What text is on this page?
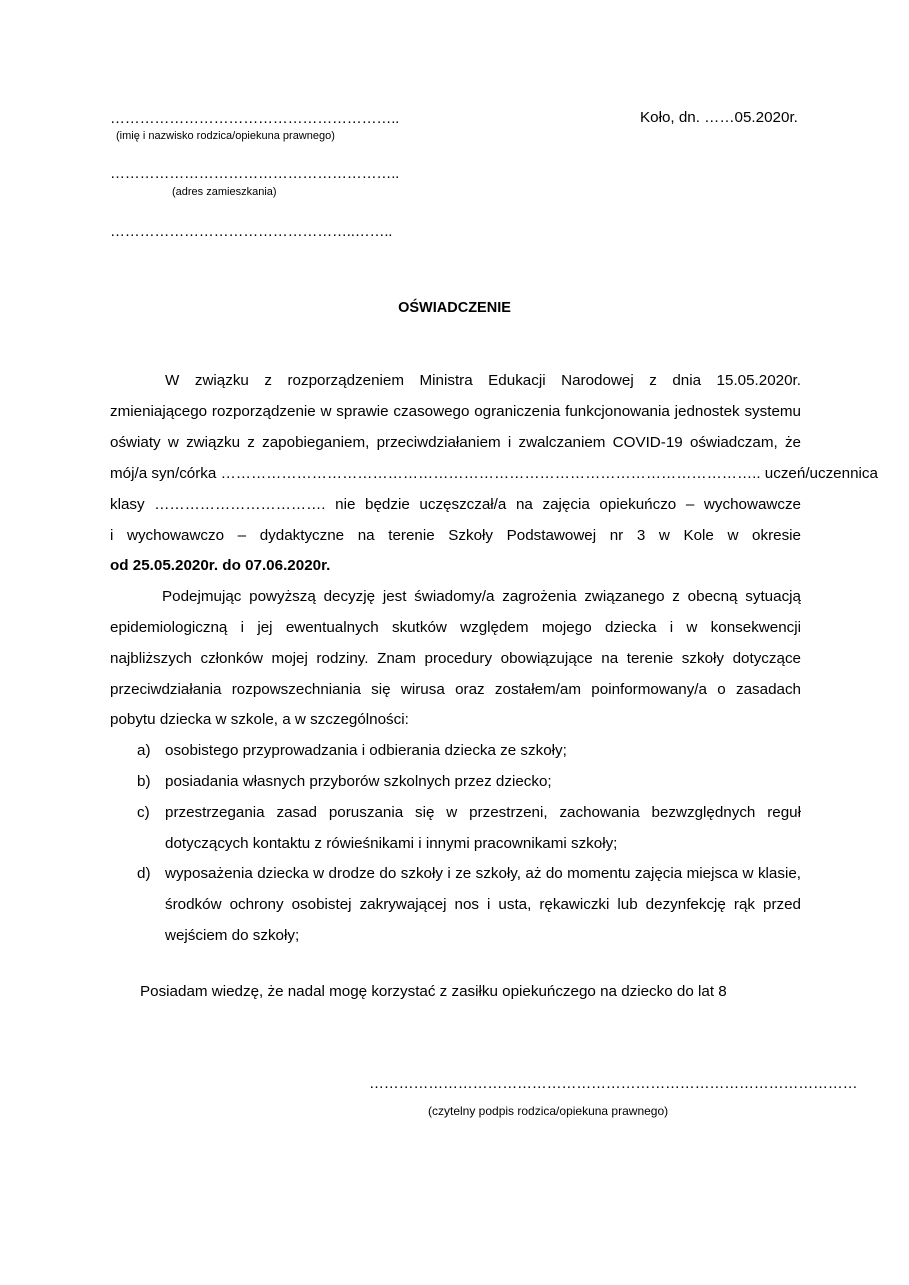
…………………………………………………..
(imię i nazwisko rodzica/opiekuna prawnego)
…………………………………………………..
(adres zamieszkania)
…………………………………………..……..
Koło, dn. ……05.2020r.
OŚWIADCZENIE
W związku z rozporządzeniem Ministra Edukacji Narodowej z dnia 15.05.2020r.
zmieniającego rozporządzenie w sprawie czasowego ograniczenia funkcjonowania jednostek systemu
oświaty w związku z zapobieganiem, przeciwdziałaniem i zwalczaniem COVID-19 oświadczam, że
mój/a syn/córka …………………………………………………………………………………………….. uczeń/uczennica
klasy ……………………………. nie będzie uczęszczał/a na zajęcia opiekuńczo – wychowawcze
i wychowawczo – dydaktyczne na terenie Szkoły Podstawowej nr 3 w Kole w okresie
od 25.05.2020r. do 07.06.2020r.
Podejmując powyższą decyzję jest świadomy/a zagrożenia związanego z obecną sytuacją
epidemiologiczną i jej ewentualnych skutków względem mojego dziecka i w konsekwencji
najbliższych członków mojej rodziny. Znam procedury obowiązujące na terenie szkoły dotyczące
przeciwdziałania rozpowszechniania się wirusa oraz zostałem/am poinformowany/a o zasadach
pobytu dziecka w szkole, a w szczególności:
a) osobistego przyprowadzania i odbierania dziecka ze szkoły;
b) posiadania własnych przyborów szkolnych przez dziecko;
c) przestrzegania zasad poruszania się w przestrzeni, zachowania bezwzględnych reguł
dotyczących kontaktu z rówieśnikami i innymi pracownikami szkoły;
d) wyposażenia dziecka w drodze do szkoły i ze szkoły, aż do momentu zajęcia miejsca w klasie,
środków ochrony osobistej zakrywającej nos i usta, rękawiczki lub dezynfekcję rąk przed
wejściem do szkoły;
Posiadam wiedzę, że nadal mogę korzystać z zasiłku opiekuńczego na dziecko do lat 8
………………………………………………………………………………………
(czytelny podpis rodzica/opiekuna prawnego)
